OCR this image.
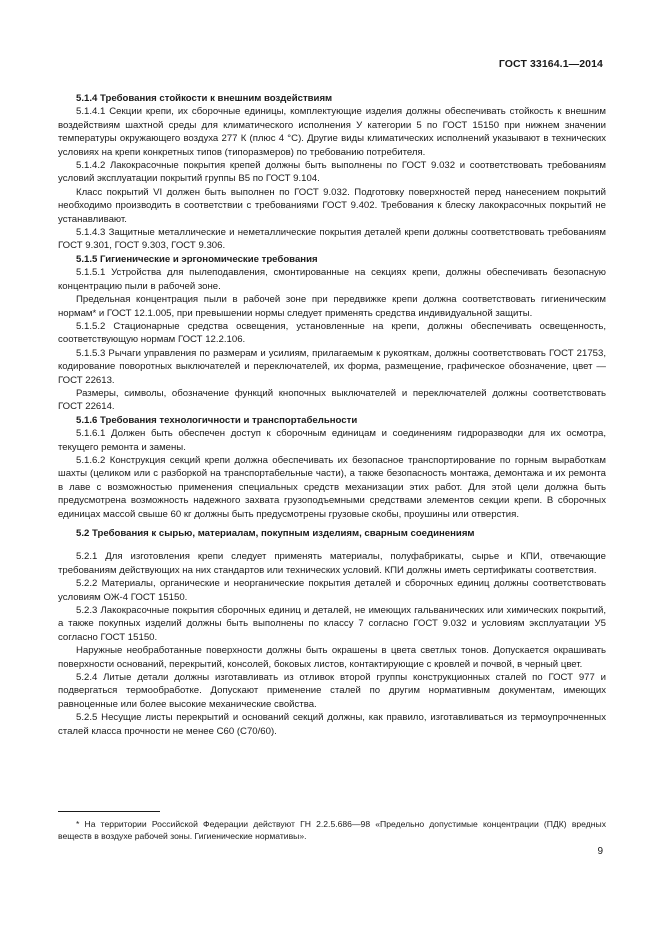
ГОСТ 33164.1—2014
5.1.4 Требования стойкости к внешним воздействиям

5.1.4.1 Секции крепи, их сборочные единицы, комплектующие изделия должны обеспечивать стойкость к внешним воздействиям шахтной среды для климатического исполнения У категории 5 по ГОСТ 15150 при нижнем значении температуры окружающего воздуха 277 К (плюс 4 °С). Другие виды климатических исполнений указывают в технических условиях на крепи конкретных типов (типоразмеров) по требованию потребителя.

5.1.4.2 Лакокрасочные покрытия крепей должны быть выполнены по ГОСТ 9.032 и соответствовать требованиям условий эксплуатации покрытий группы В5 по ГОСТ 9.104.

Класс покрытий VI должен быть выполнен по ГОСТ 9.032. Подготовку поверхностей перед нанесением покрытий необходимо производить в соответствии с требованиями ГОСТ 9.402. Требования к блеску лакокрасочных покрытий не устанавливают.

5.1.4.3 Защитные металлические и неметаллические покрытия деталей крепи должны соответствовать требованиям ГОСТ 9.301, ГОСТ 9.303, ГОСТ 9.306.

5.1.5 Гигиенические и эргономические требования

5.1.5.1 Устройства для пылеподавления, смонтированные на секциях крепи, должны обеспечивать безопасную концентрацию пыли в рабочей зоне.

Предельная концентрация пыли в рабочей зоне при передвижке крепи должна соответствовать гигиеническим нормам* и ГОСТ 12.1.005, при превышении нормы следует применять средства индивидуальной защиты.

5.1.5.2 Стационарные средства освещения, установленные на крепи, должны обеспечивать освещенность, соответствующую нормам ГОСТ 12.2.106.

5.1.5.3 Рычаги управления по размерам и усилиям, прилагаемым к рукояткам, должны соответствовать ГОСТ 21753, кодирование поворотных выключателей и переключателей, их форма, размещение, графическое обозначение, цвет — ГОСТ 22613.

Размеры, символы, обозначение функций кнопочных выключателей и переключателей должны соответствовать ГОСТ 22614.

5.1.6 Требования технологичности и транспортабельности

5.1.6.1 Должен быть обеспечен доступ к сборочным единицам и соединениям гидроразводки для их осмотра, текущего ремонта и замены.

5.1.6.2 Конструкция секций крепи должна обеспечивать их безопасное транспортирование по горным выработкам шахты (целиком или с разборкой на транспортабельные части), а также безопасность монтажа, демонтажа и их ремонта в лаве с возможностью применения специальных средств механизации этих работ. Для этой цели должна быть предусмотрена возможность надежного захвата грузоподъемными средствами элементов секции крепи. В сборочных единицах массой свыше 60 кг должны быть предусмотрены грузовые скобы, проушины или отверстия.

5.2 Требования к сырью, материалам, покупным изделиям, сварным соединениям

5.2.1 Для изготовления крепи следует применять материалы, полуфабрикаты, сырье и КПИ, отвечающие требованиям действующих на них стандартов или технических условий. КПИ должны иметь сертификаты соответствия.

5.2.2 Материалы, органические и неорганические покрытия деталей и сборочных единиц должны соответствовать условиям ОЖ-4 ГОСТ 15150.

5.2.3 Лакокрасочные покрытия сборочных единиц и деталей, не имеющих гальванических или химических покрытий, а также покупных изделий должны быть выполнены по классу 7 согласно ГОСТ 9.032 и условиям эксплуатации У5 согласно ГОСТ 15150.

Наружные необработанные поверхности должны быть окрашены в цвета светлых тонов. Допускается окрашивать поверхности оснований, перекрытий, консолей, боковых листов, контактирующие с кровлей и почвой, в черный цвет.

5.2.4 Литые детали должны изготавливать из отливок второй группы конструкционных сталей по ГОСТ 977 и подвергаться термообработке. Допускают применение сталей по другим нормативным документам, имеющих равноценные или более высокие механические свойства.

5.2.5 Несущие листы перекрытий и оснований секций должны, как правило, изготавливаться из термоупрочненных сталей класса прочности не менее С60 (С70/60).

* На территории Российской Федерации действуют ГН 2.2.5.686—98 «Предельно допустимые концентрации (ПДК) вредных веществ в воздухе рабочей зоны. Гигиенические нормативы».

9
